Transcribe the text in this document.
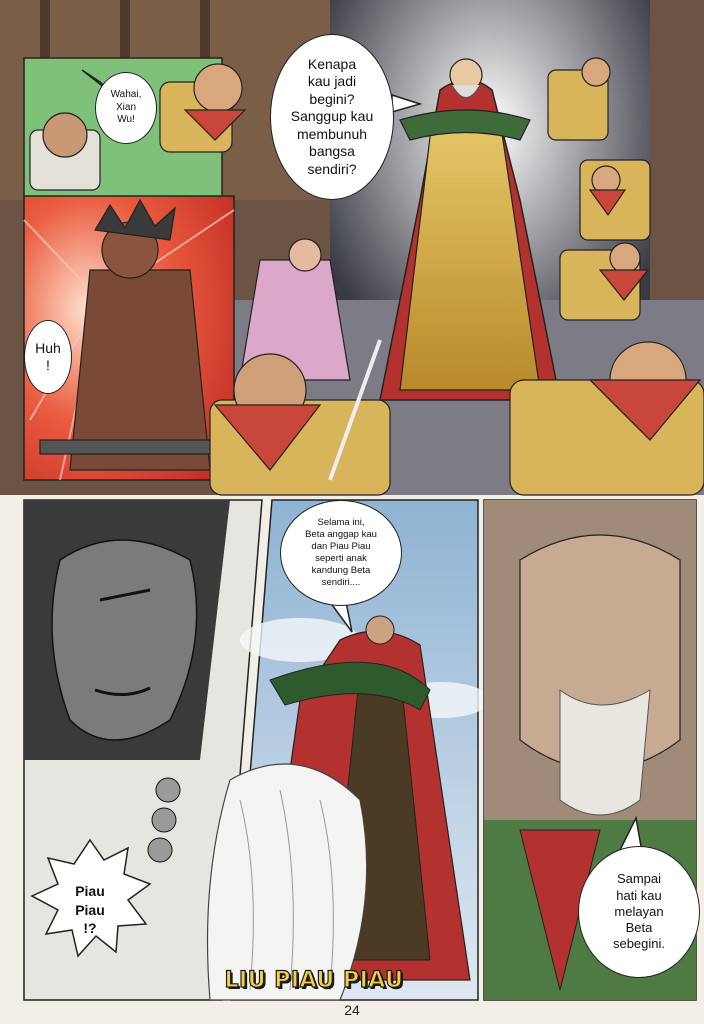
Wahai,
Xian
Wu!
Kenapa
kau jadi
begini?
Sanggup kau
membunuh
bangsa
sendiri?
Huh
!
Selama ini,
Beta anggap kau
dan Piau Piau
seperti anak
kandung Beta
sendiri....
Piau
Piau
!?
Sampai
hati kau
melayan
Beta
sebegini.
LIU PIAU PIAU
24
